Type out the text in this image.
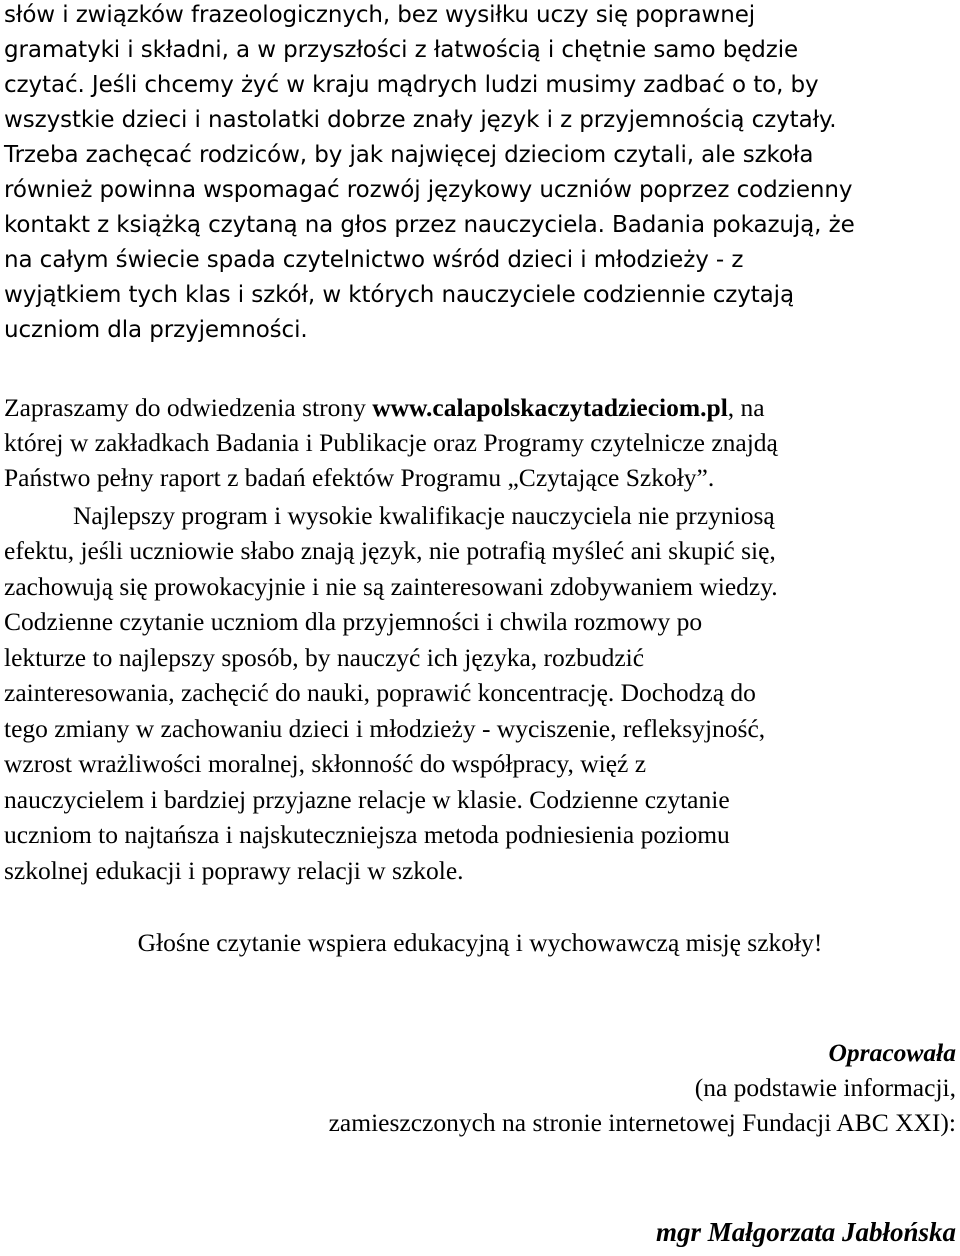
słów i związków frazeologicznych, bez wysiłku uczy się poprawnej
gramatyki i składni, a w przyszłości z łatwością i chętnie samo będzie
czytać. Jeśli chcemy żyć w kraju mądrych ludzi musimy zadbać o to, by
wszystkie dzieci i nastolatki dobrze znały język i z przyjemnością czytały.
Trzeba zachęcać rodziców, by jak najwięcej dzieciom czytali, ale szkoła
również powinna wspomagać rozwój językowy uczniów poprzez codzienny
kontakt z książką czytaną na głos przez nauczyciela. Badania pokazują, że
na całym świecie spada czytelnictwo wśród dzieci i młodzieży - z
wyjątkiem tych klas i szkół, w których nauczyciele codziennie czytają
uczniom dla przyjemności.
Zapraszamy do odwiedzenia strony www.calapolskaczytadzieciom.pl, na
której w zakładkach Badania i Publikacje oraz Programy czytelnicze znajdą
Państwo pełny raport z badań efektów Programu „Czytające Szkoły”.
Najlepszy program i wysokie kwalifikacje nauczyciela nie przyniosą
efektu, jeśli uczniowie słabo znają język, nie potrafią myśleć ani skupić się,
zachowują się prowokacyjnie i nie są zainteresowani zdobywaniem wiedzy.
Codzienne czytanie uczniom dla przyjemności i chwila rozmowy po
lekturze to najlepszy sposób, by nauczyć ich języka, rozbudzić
zainteresowania, zachęcić do nauki, poprawić koncentrację. Dochodzą do
tego zmiany w zachowaniu dzieci i młodzieży - wyciszenie, refleksyjność,
wzrost wrażliwości moralnej, skłonność do współpracy, więź z
nauczycielem i bardziej przyjazne relacje w klasie. Codzienne czytanie
uczniom to najtańsza i najskuteczniejsza metoda podniesienia poziomu
szkolnej edukacji i poprawy relacji w szkole.
Głośne czytanie wspiera edukacyjną i wychowawczą misję szkoły!
Opracowała
(na podstawie informacji,
zamieszczonych na stronie internetowej Fundacji ABC XXI):
mgr Małgorzata Jabłońska
